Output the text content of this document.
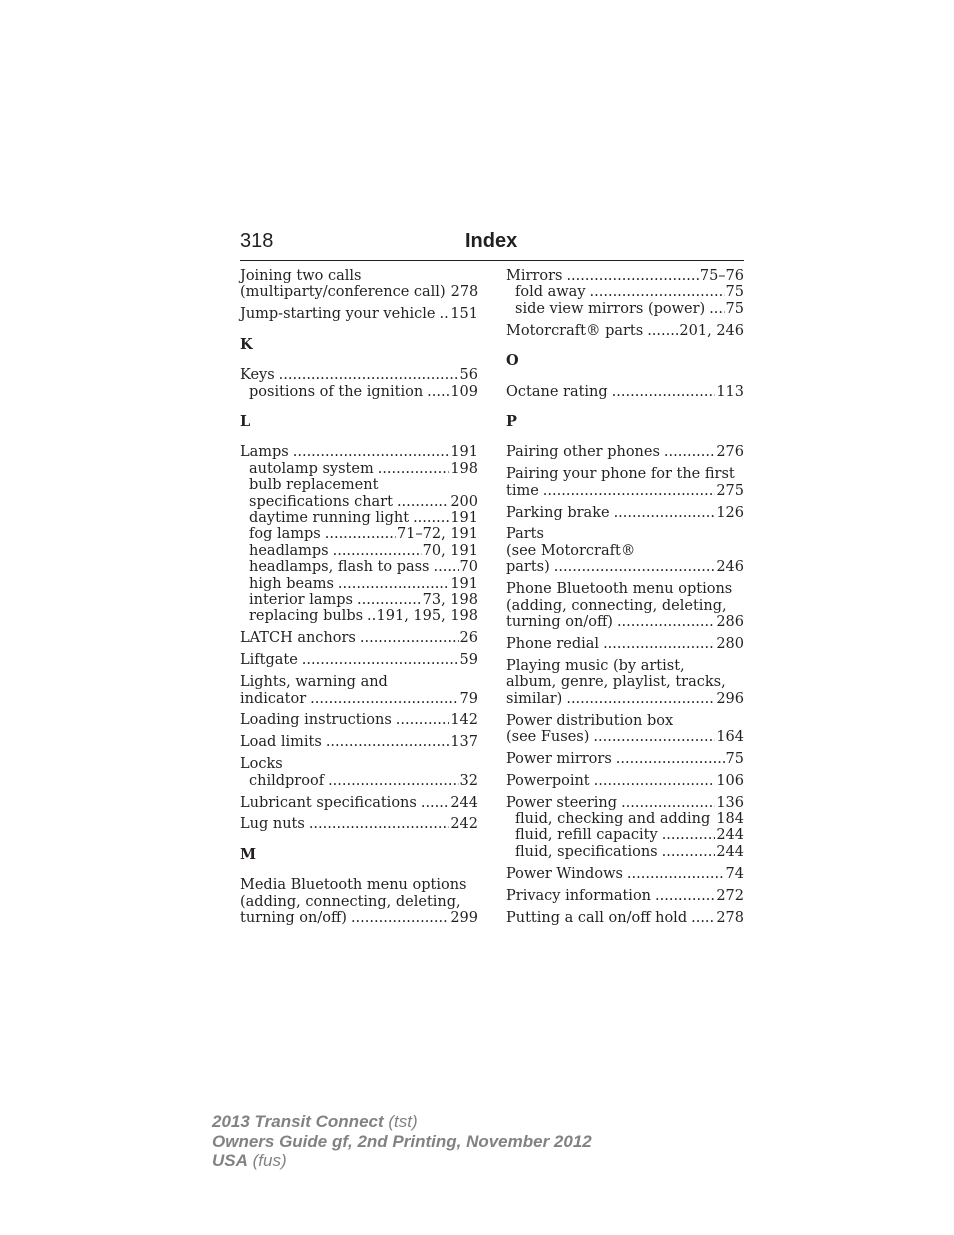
318	Index
Joining two calls
(multiparty/conference call) 278
Jump-starting your vehicle ..... 151
K
Keys .....	56
positions of the ignition ..... 109
L
Lamps .....	191
autolamp system .....	198
bulb replacement
specifications chart .....	200
daytime running light .....	191
fog lamps .....	71–72, 191
headlamps .....	70, 191
headlamps, flash to pass ..... 70
high beams .....	191
interior lamps .....	73, 198
replacing bulbs ..... 191, 195, 198
LATCH anchors .....	26
Liftgate .....	59
Lights, warning and
indicator .....	79
Loading instructions .....	142
Load limits .....	137
Locks
childproof .....	32
Lubricant specifications ..... 244
Lug nuts .....	242
M
Media Bluetooth menu options
(adding, connecting, deleting,
turning on/off) .....	299
Mirrors .....	75–76
fold away .....	75
side view mirrors (power) ..... 75
Motorcraft® parts ..... 201, 246
O
Octane rating .....	113
P
Pairing other phones .....	276
Pairing your phone for the first
time .....	275
Parking brake .....	126
Parts
(see Motorcraft®
parts) .....	246
Phone Bluetooth menu options
(adding, connecting, deleting,
turning on/off) .....	286
Phone redial .....	280
Playing music (by artist,
album, genre, playlist, tracks,
similar) .....	296
Power distribution box
(see Fuses) .....	164
Power mirrors .....	75
Powerpoint .....	106
Power steering .....	136
fluid, checking and adding ..... 184
fluid, refill capacity .....	244
fluid, specifications .....	244
Power Windows .....	74
Privacy information .....	272
Putting a call on/off hold ..... 278
2013 Transit Connect (tst)
Owners Guide gf, 2nd Printing, November 2012
USA (fus)
